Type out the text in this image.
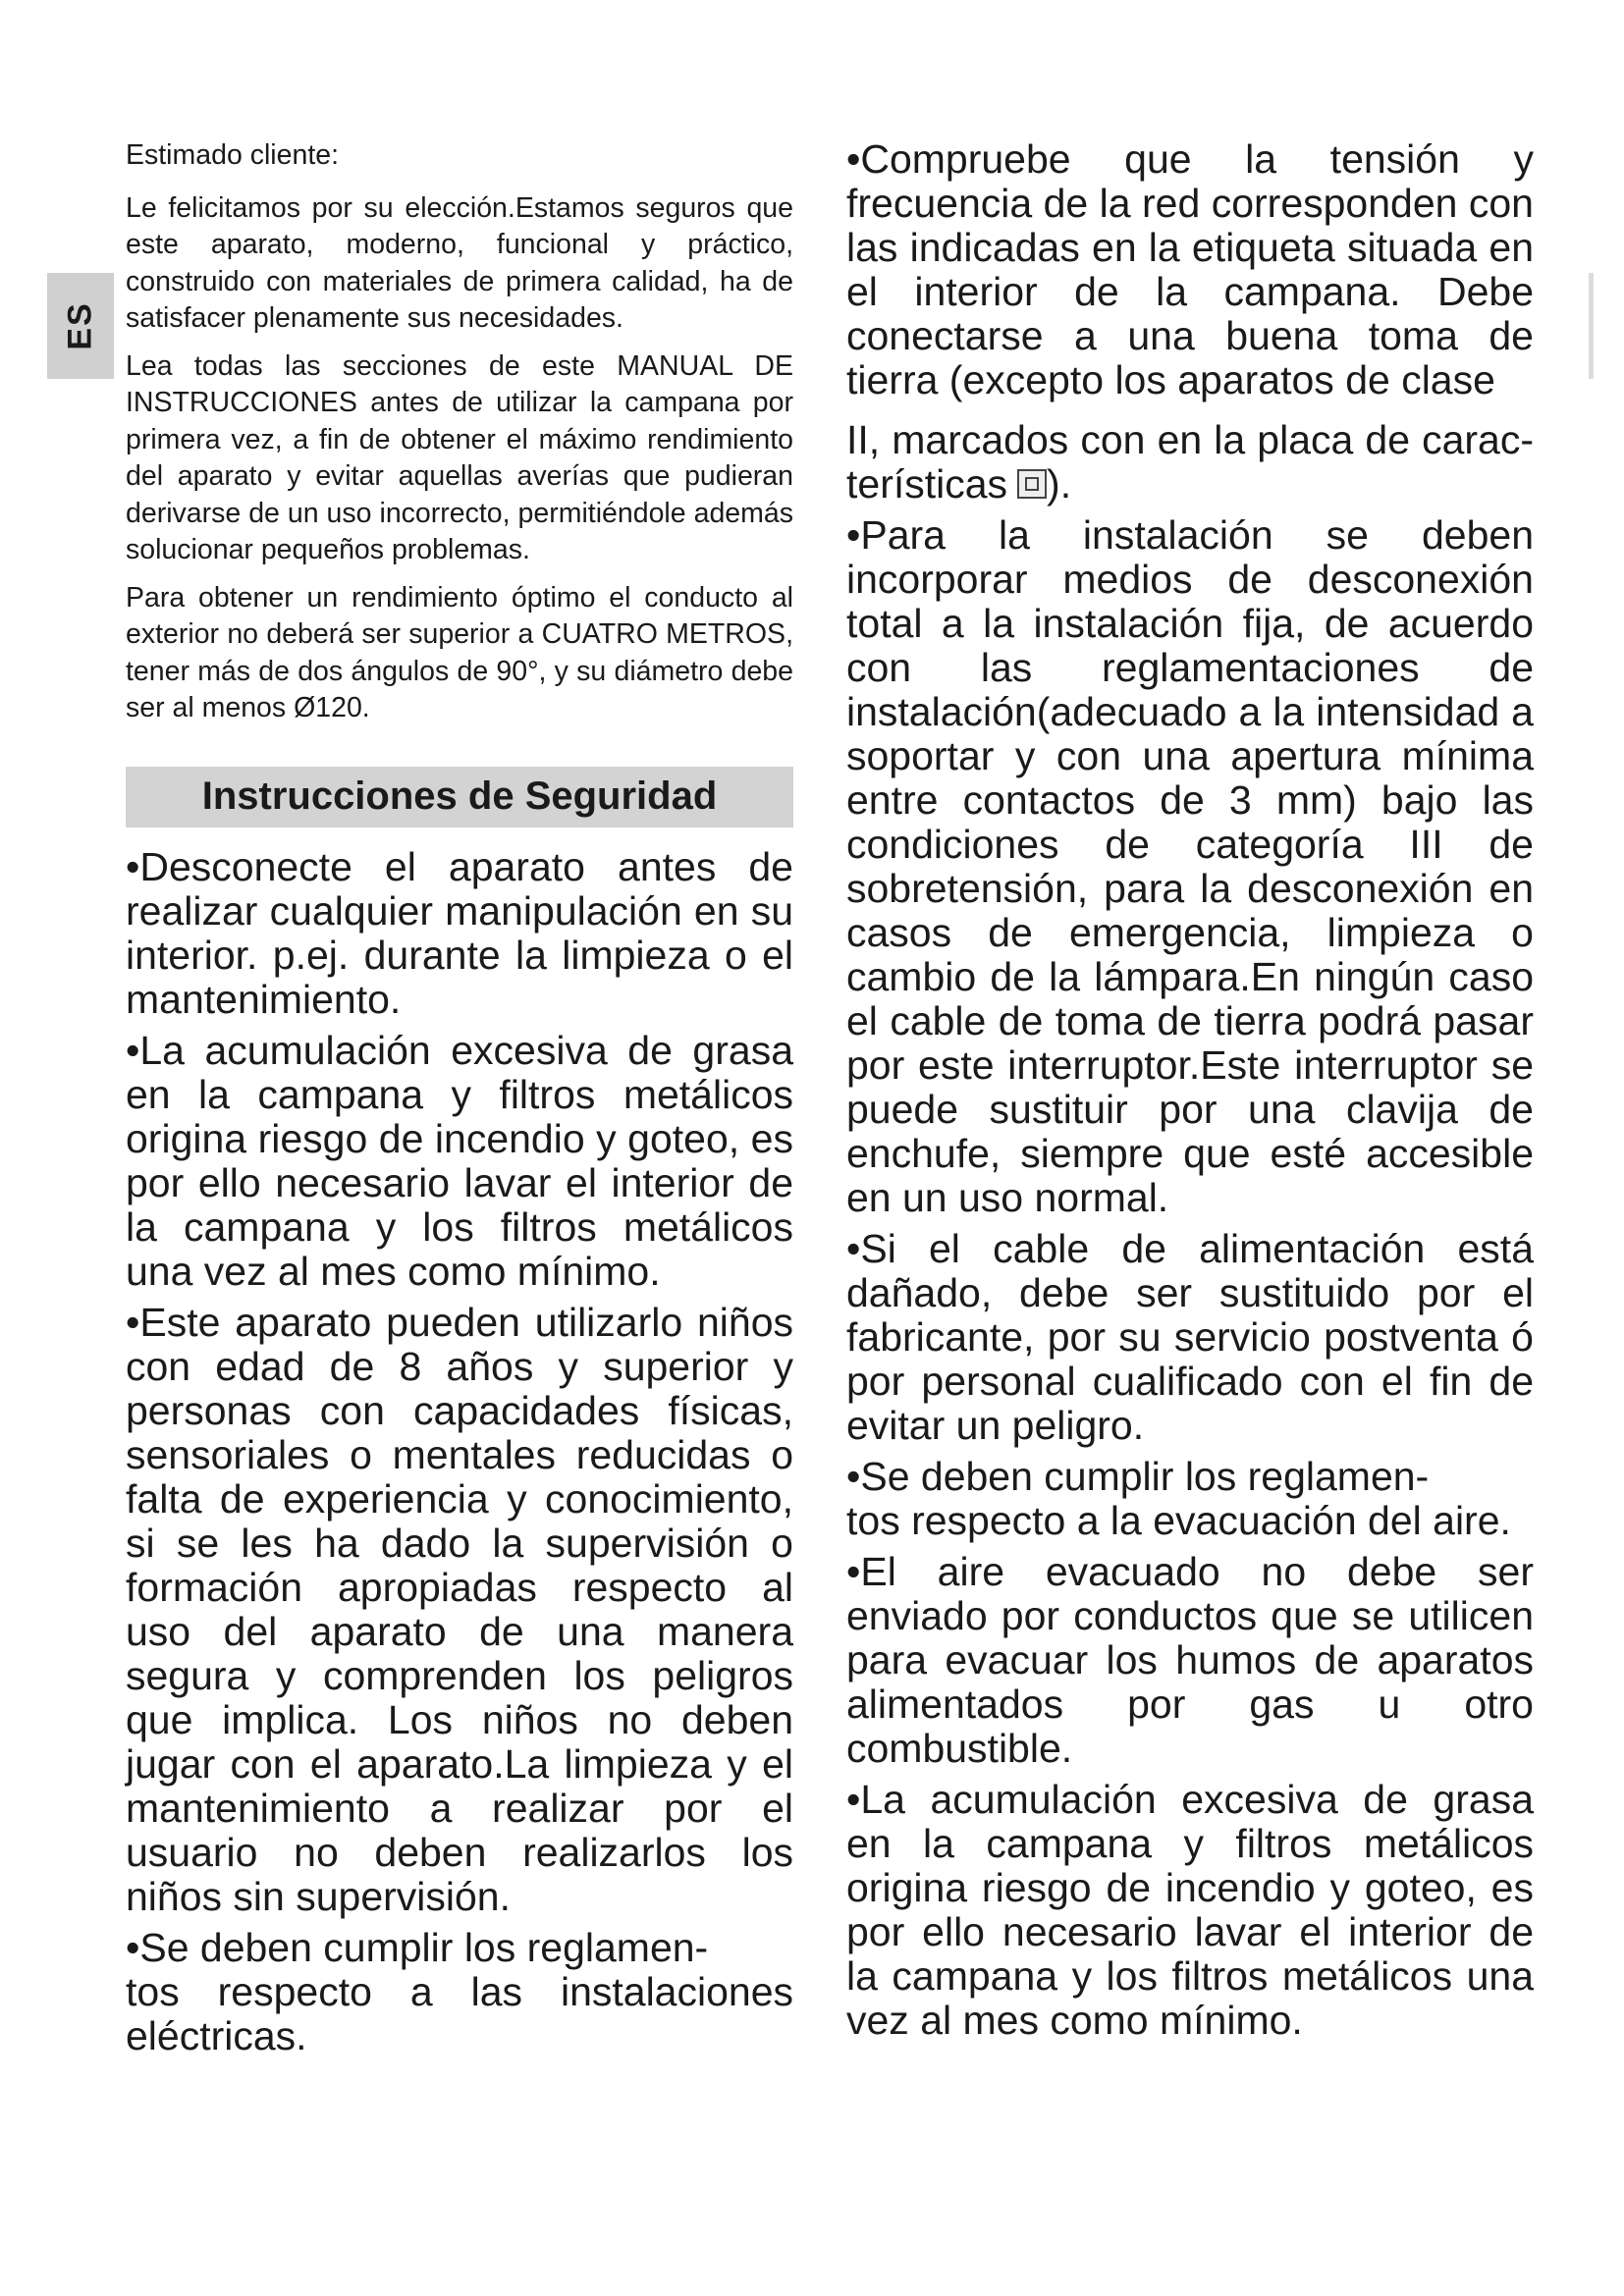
ES

Estimado cliente:

Le felicitamos por su elección.Estamos seguros que este aparato, moderno, funcional y práctico, construido con materiales de primera calidad, ha de satisfacer plenamente sus necesidades.

Lea todas las secciones de este MANUAL DE INSTRUCCIONES antes de utilizar la campana por primera vez, a fin de obtener el máximo rendimiento del aparato y evitar aquellas averías que pudieran derivarse de un uso incorrecto, permitiéndole además solucionar pequeños problemas.

Para obtener un rendimiento óptimo el conducto al exterior no deberá ser superior a CUATRO METROS, tener más de dos ángulos de 90°, y su diámetro debe ser al menos Ø120.

Instrucciones de Seguridad

•Desconecte el aparato antes de realizar cualquier manipulación en su interior. p.ej. durante la limpieza o el mantenimiento.

•La acumulación excesiva de grasa en la campana y filtros metálicos origina riesgo de incendio y goteo, es por ello necesario lavar el interior de la campana y los filtros metálicos una vez al mes como mínimo.

•Este aparato pueden utilizarlo niños con edad de 8 años y superior y personas con capacidades físicas, sensoriales o mentales reducidas o falta de experiencia y conocimiento, si se les ha dado la supervisión o formación apropiadas respecto al uso del aparato de una manera segura y comprenden los peligros que implica. Los niños no deben jugar con el aparato.La limpieza y el mantenimiento a realizar por el usuario no deben realizarlos los niños sin supervisión.

•Se deben cumplir los reglamen-

tos respecto a las instalaciones eléctricas.

•Compruebe que la tensión y frecuencia de la red corresponden con las indicadas en la etiqueta situada en el interior de la campana. Debe conectarse a una buena toma de tierra (excepto los aparatos de clase

II, marcados con en la placa de carac-terísticas ).

•Para la instalación se deben incorporar medios de desconexión total a la instalación fija, de acuerdo con las reglamentaciones de instalación(adecuado a la intensidad a soportar y con una apertura mínima entre contactos de 3 mm) bajo las condiciones de categoría III de sobretensión, para la desconexión en casos de emergencia, limpieza o cambio de la lámpara.En ningún caso el cable de toma de tierra podrá pasar por este interruptor.Este interruptor se puede sustituir por una clavija de enchufe, siempre que esté accesible en un uso normal.

•Si el cable de alimentación está dañado, debe ser sustituido por el fabricante, por su servicio postventa ó por personal cualificado con el fin de evitar un peligro.

•Se deben cumplir los reglamen-

tos respecto a la evacuación del aire.

•El aire evacuado no debe ser enviado por conductos que se utilicen para evacuar los humos de aparatos alimentados por gas u otro combustible.

•La acumulación excesiva de grasa en la campana y filtros metálicos origina riesgo de incendio y goteo, es por ello necesario lavar el interior de la campana y los filtros metálicos una vez al mes como mínimo.
